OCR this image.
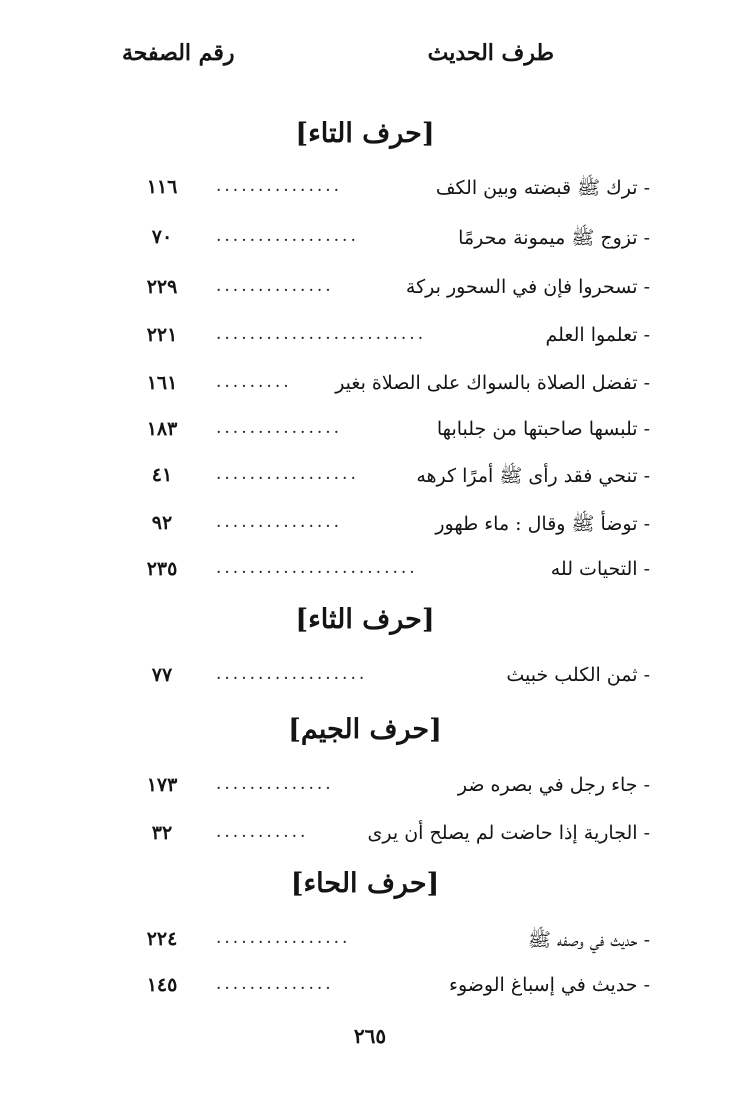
طرف الحديث
رقم الصفحة
[حرف التاء]
- ترك ﷺ قبضته وبين الكف
...............
١١٦
- تزوج ﷺ ميمونة محرمًا
.................
٧٠
- تسحروا فإن في السحور بركة
..............
٢٢٩
- تعلموا العلم
.........................
٢٢١
- تفضل الصلاة بالسواك على الصلاة بغير
.........
١٦١
- تلبسها صاحبتها من جلبابها
...............
١٨٣
- تنحي فقد رأى ﷺ أمرًا كرهه
.................
٤١
- توضأ ﷺ وقال : ماء طهور
...............
٩٢
- التحيات لله
........................
٢٣٥
[حرف الثاء]
- ثمن الكلب خبيث
..................
٧٧
[حرف الجيم]
- جاء رجل في بصره ضر
..............
١٧٣
- الجارية إذا حاضت لم يصلح أن يرى
...........
٣٢
[حرف الحاء]
- حديث في وصفه ﷺ
................
٢٢٤
- حديث في إسباغ الوضوء
..............
١٤٥
٢٦٥
